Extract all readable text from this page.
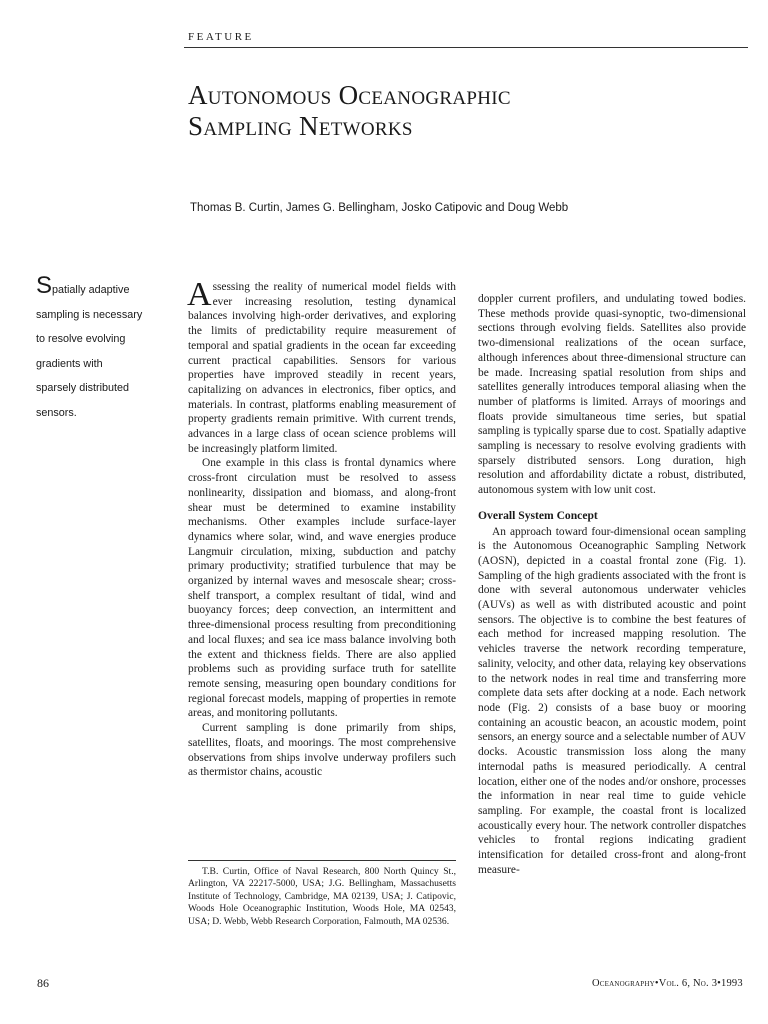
FEATURE
Autonomous Oceanographic
Sampling Networks
Thomas B. Curtin, James G. Bellingham, Josko Catipovic and Doug Webb
Spatially adaptive
sampling is necessary
to resolve evolving
gradients with
sparsely distributed
sensors.

Assessing the reality of numerical model fields with ever increasing resolution, testing dynamical balances involving high-order derivatives, and exploring the limits of predictability require measurement of temporal and spatial gradients in the ocean far exceeding current practical capabilities. Sensors for various properties have improved steadily in recent years, capitalizing on advances in electronics, fiber optics, and materials. In contrast, platforms enabling measurement of property gradients remain primitive. With current trends, advances in a large class of ocean science problems will be increasingly platform limited.

One example in this class is frontal dynamics where cross-front circulation must be resolved to assess nonlinearity, dissipation and biomass, and along-front shear must be determined to examine instability mechanisms. Other examples include surface-layer dynamics where solar, wind, and wave energies produce Langmuir circulation, mixing, subduction and patchy primary productivity; stratified turbulence that may be organized by internal waves and mesoscale shear; cross-shelf transport, a complex resultant of tidal, wind and buoyancy forces; deep convection, an intermittent and three-dimensional process resulting from preconditioning and local fluxes; and sea ice mass balance involving both the extent and thickness fields. There are also applied problems such as providing surface truth for satellite remote sensing, measuring open boundary conditions for regional forecast models, mapping of properties in remote areas, and monitoring pollutants.

Current sampling is done primarily from ships, satellites, floats, and moorings. The most comprehensive observations from ships involve underway profilers such as thermistor chains, acoustic

doppler current profilers, and undulating towed bodies. These methods provide quasi-synoptic, two-dimensional sections through evolving fields. Satellites also provide two-dimensional realizations of the ocean surface, although inferences about three-dimensional structure can be made. Increasing spatial resolution from ships and satellites generally introduces temporal aliasing when the number of platforms is limited. Arrays of moorings and floats provide simultaneous time series, but spatial sampling is typically sparse due to cost. Spatially adaptive sampling is necessary to resolve evolving gradients with sparsely distributed sensors. Long duration, high resolution and affordability dictate a robust, distributed, autonomous system with low unit cost.

Overall System Concept

An approach toward four-dimensional ocean sampling is the Autonomous Oceanographic Sampling Network (AOSN), depicted in a coastal frontal zone (Fig. 1). Sampling of the high gradients associated with the front is done with several autonomous underwater vehicles (AUVs) as well as with distributed acoustic and point sensors. The objective is to combine the best features of each method for increased mapping resolution. The vehicles traverse the network recording temperature, salinity, velocity, and other data, relaying key observations to the network nodes in real time and transferring more complete data sets after docking at a node. Each network node (Fig. 2) consists of a base buoy or mooring containing an acoustic beacon, an acoustic modem, point sensors, an energy source and a selectable number of AUV docks. Acoustic transmission loss along the many internodal paths is measured periodically. A central location, either one of the nodes and/or onshore, processes the information in near real time to guide vehicle sampling. For example, the coastal front is localized acoustically every hour. The network controller dispatches vehicles to frontal regions indicating gradient intensification for detailed cross-front and along-front measure-

T.B. Curtin, Office of Naval Research, 800 North Quincy St., Arlington, VA 22217-5000, USA; J.G. Bellingham, Massachusetts Institute of Technology, Cambridge, MA 02139, USA; J. Catipovic, Woods Hole Oceanographic Institution, Woods Hole, MA 02543, USA; D. Webb, Webb Research Corporation, Falmouth, MA 02536.
86	Oceanography•Vol. 6, No. 3•1993
